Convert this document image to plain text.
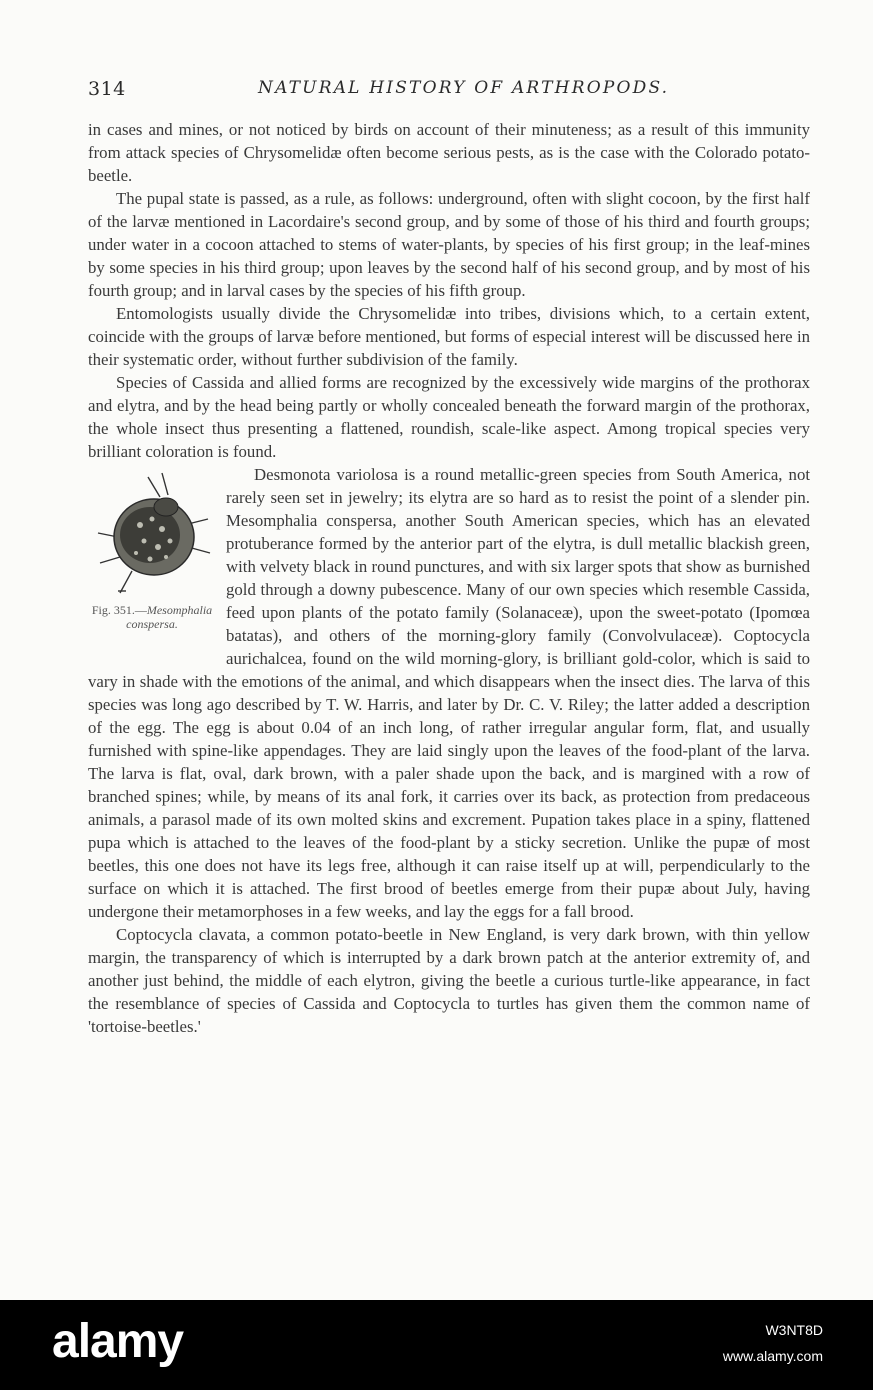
314	NATURAL HISTORY OF ARTHROPODS.

in cases and mines, or not noticed by birds on account of their minuteness; as a result of this immunity from attack species of Chrysomelidæ often become serious pests, as is the case with the Colorado potato-beetle.

The pupal state is passed, as a rule, as follows: underground, often with slight cocoon, by the first half of the larvæ mentioned in Lacordaire's second group, and by some of those of his third and fourth groups; under water in a cocoon attached to stems of water-plants, by species of his first group; in the leaf-mines by some species in his third group; upon leaves by the second half of his second group, and by most of his fourth group; and in larval cases by the species of his fifth group.

Entomologists usually divide the Chrysomelidæ into tribes, divisions which, to a certain extent, coincide with the groups of larvæ before mentioned, but forms of especial interest will be discussed here in their systematic order, without further subdivision of the family.

Species of Cassida and allied forms are recognized by the excessively wide margins of the prothorax and elytra, and by the head being partly or wholly concealed beneath the forward margin of the prothorax, the whole insect thus presenting a flattened, roundish, scale-like aspect. Among tropical species very brilliant coloration is found.

Fig. 351.—Mesomphalia conspersa.

Desmonota variolosa is a round metallic-green species from South America, not rarely seen set in jewelry; its elytra are so hard as to resist the point of a slender pin. Mesomphalia conspersa, another South American species, which has an elevated protuberance formed by the anterior part of the elytra, is dull metallic blackish green, with velvety black in round punctures, and with six larger spots that show as burnished gold through a downy pubescence. Many of our own species which resemble Cassida, feed upon plants of the potato family (Solanaceæ), upon the sweet-potato (Ipomœa batatas), and others of the morning-glory family (Convolvulaceæ). Coptocycla aurichalcea, found on the wild morning-glory, is brilliant gold-color, which is said to vary in shade with the emotions of the animal, and which disappears when the insect dies. The larva of this species was long ago described by T. W. Harris, and later by Dr. C. V. Riley; the latter added a description of the egg. The egg is about 0.04 of an inch long, of rather irregular angular form, flat, and usually furnished with spine-like appendages. They are laid singly upon the leaves of the food-plant of the larva. The larva is flat, oval, dark brown, with a paler shade upon the back, and is margined with a row of branched spines; while, by means of its anal fork, it carries over its back, as protection from predaceous animals, a parasol made of its own molted skins and excrement. Pupation takes place in a spiny, flattened pupa which is attached to the leaves of the food-plant by a sticky secretion. Unlike the pupæ of most beetles, this one does not have its legs free, although it can raise itself up at will, perpendicularly to the surface on which it is attached. The first brood of beetles emerge from their pupæ about July, having undergone their metamorphoses in a few weeks, and lay the eggs for a fall brood.

Coptocycla clavata, a common potato-beetle in New England, is very dark brown, with thin yellow margin, the transparency of which is interrupted by a dark brown patch at the anterior extremity of, and another just behind, the middle of each elytron, giving the beetle a curious turtle-like appearance, in fact the resemblance of species of Cassida and Coptocycla to turtles has given them the common name of 'tortoise-beetles.'

alamy	W3NT8D
www.alamy.com
